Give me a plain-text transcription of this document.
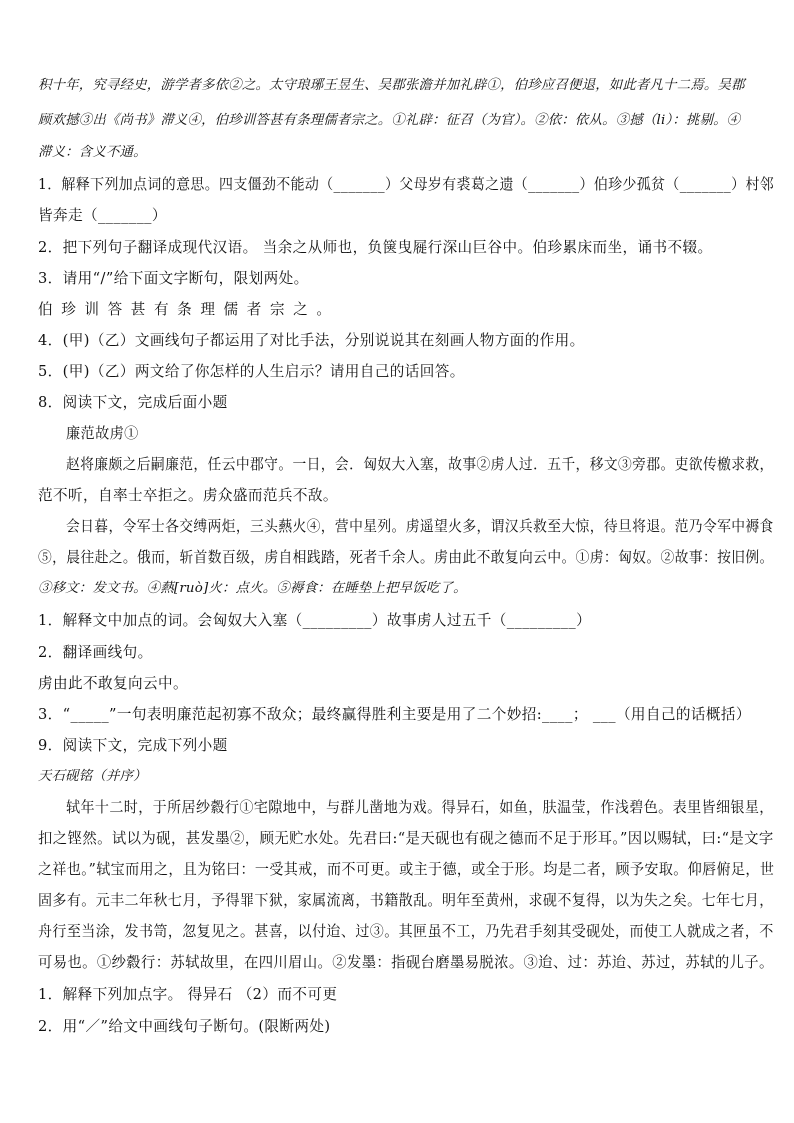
积十年，究寻经史，游学者多依②之。太守琅琊王昱生、吴郡张澹并加礼辟①，伯珍应召便退，如此者凡十二焉。吴郡
顾欢撼③出《尚书》滞义④，伯珍训答甚有条理儒者宗之。①礼辟：征召（为官）。②依：依从。③撼（li）：挑剔。④
滞义：含义不通。
1．解释下列加点词的意思。四支僵劲不能动（_______）父母岁有裘葛之遗（_______）伯珍少孤贫（_______）村邻
皆奔走（_______）
2．把下列句子翻译成现代汉语。 当余之从师也，负箧曳屣行深山巨谷中。伯珍累床而坐，诵书不辍。
3．请用“/”给下面文字断句，限划两处。
伯珍训答甚有条理儒者宗之。
4．(甲)（乙）文画线句子都运用了对比手法，分别说说其在刻画人物方面的作用。
5．(甲)（乙）两文给了你怎样的人生启示？请用自己的话回答。
8．阅读下文，完成后面小题
廉范故虏①
赵将廉颇之后嗣廉范，任云中郡守。一日，会．匈奴大入塞，故事②虏人过．五千，移文③旁郡。吏欲传檄求救，
范不听，自率士卒拒之。虏众盛而范兵不敌。
会日暮，令军士各交缚两炬，三头爇火④，营中星列。虏遥望火多，谓汉兵救至大惊，待旦将退。范乃令军中褥食
⑤，晨往赴之。俄而，斩首数百级，虏自相践踏，死者千余人。虏由此不敢复向云中。①虏：匈奴。②故事：按旧例。
③移文：发文书。④爇[ruò]火：点火。⑤褥食：在睡垫上把早饭吃了。
1．解释文中加点的词。会匈奴大入塞（_________）故事虏人过五千（_________）
2．翻译画线句。
虏由此不敢复向云中。
3．“_____”一句表明廉范起初寡不敌众；最终赢得胜利主要是用了二个妙招:____； ___（用自己的话概括）
9．阅读下文，完成下列小题
天石砚铭（并序）
轼年十二时，于所居纱縠行①宅隙地中，与群儿凿地为戏。得异石，如鱼，肤温莹，作浅碧色。表里皆细银星，
扣之铿然。试以为砚，甚发墨②，顾无贮水处。先君曰:“是天砚也有砚之德而不足于形耳。”因以赐轼，曰:“是文字
之祥也。”轼宝而用之，且为铭曰：一受其戒，而不可更。或主于德，或全于形。均是二者，顾予安取。仰唇俯足，世
固多有。元丰二年秋七月，予得罪下狱，家属流离，书籍散乱。明年至黄州，求砚不复得，以为失之矣。七年七月，
舟行至当涂，发书笥，忽复见之。甚喜，以付迨、过③。其匣虽不工，乃先君手刻其受砚处，而使工人就成之者，不
可易也。①纱縠行：苏轼故里，在四川眉山。②发墨：指砚台磨墨易脱浓。③迨、过：苏迨、苏过，苏轼的儿子。
1．解释下列加点字。 得异石 （2）而不可更
2．用“／”给文中画线句子断句。(限断两处)
